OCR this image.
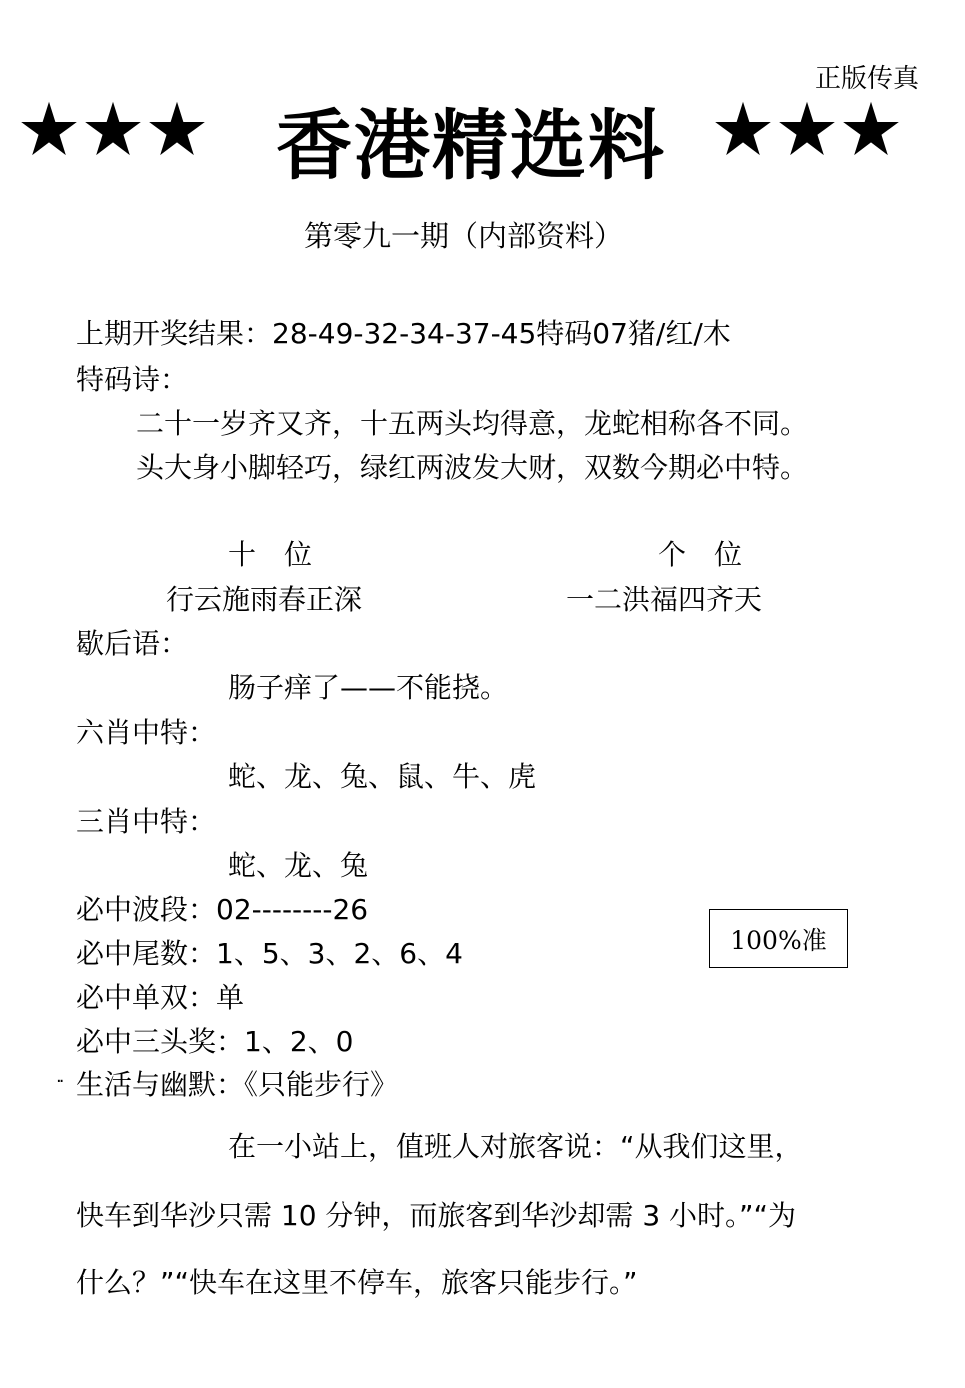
正版传真
香港精选料
第零九一期（内部资料）
上期开奖结果：28-49-32-34-37-45特码07猪/红/木
特码诗：
二十一岁齐又齐，十五两头均得意，龙蛇相称各不同。
头大身小脚轻巧，绿红两波发大财，双数今期必中特。
十　位	个　位
行云施雨春正深	一二洪福四齐天
歇后语：
肠子痒了——不能挠。
六肖中特：
蛇、龙、兔、鼠、牛、虎
三肖中特：
蛇、龙、兔
必中波段：02--------26
必中尾数：1、5、3、2、6、4
必中单双：单
必中三头奖：1、2、0
100%准
·· 生活与幽默：《只能步行》
在一小站上，值班人对旅客说：“从我们这里，
快车到华沙只需 10 分钟，而旅客到华沙却需 3 小时。”“为
什么？”“快车在这里不停车，旅客只能步行。”
